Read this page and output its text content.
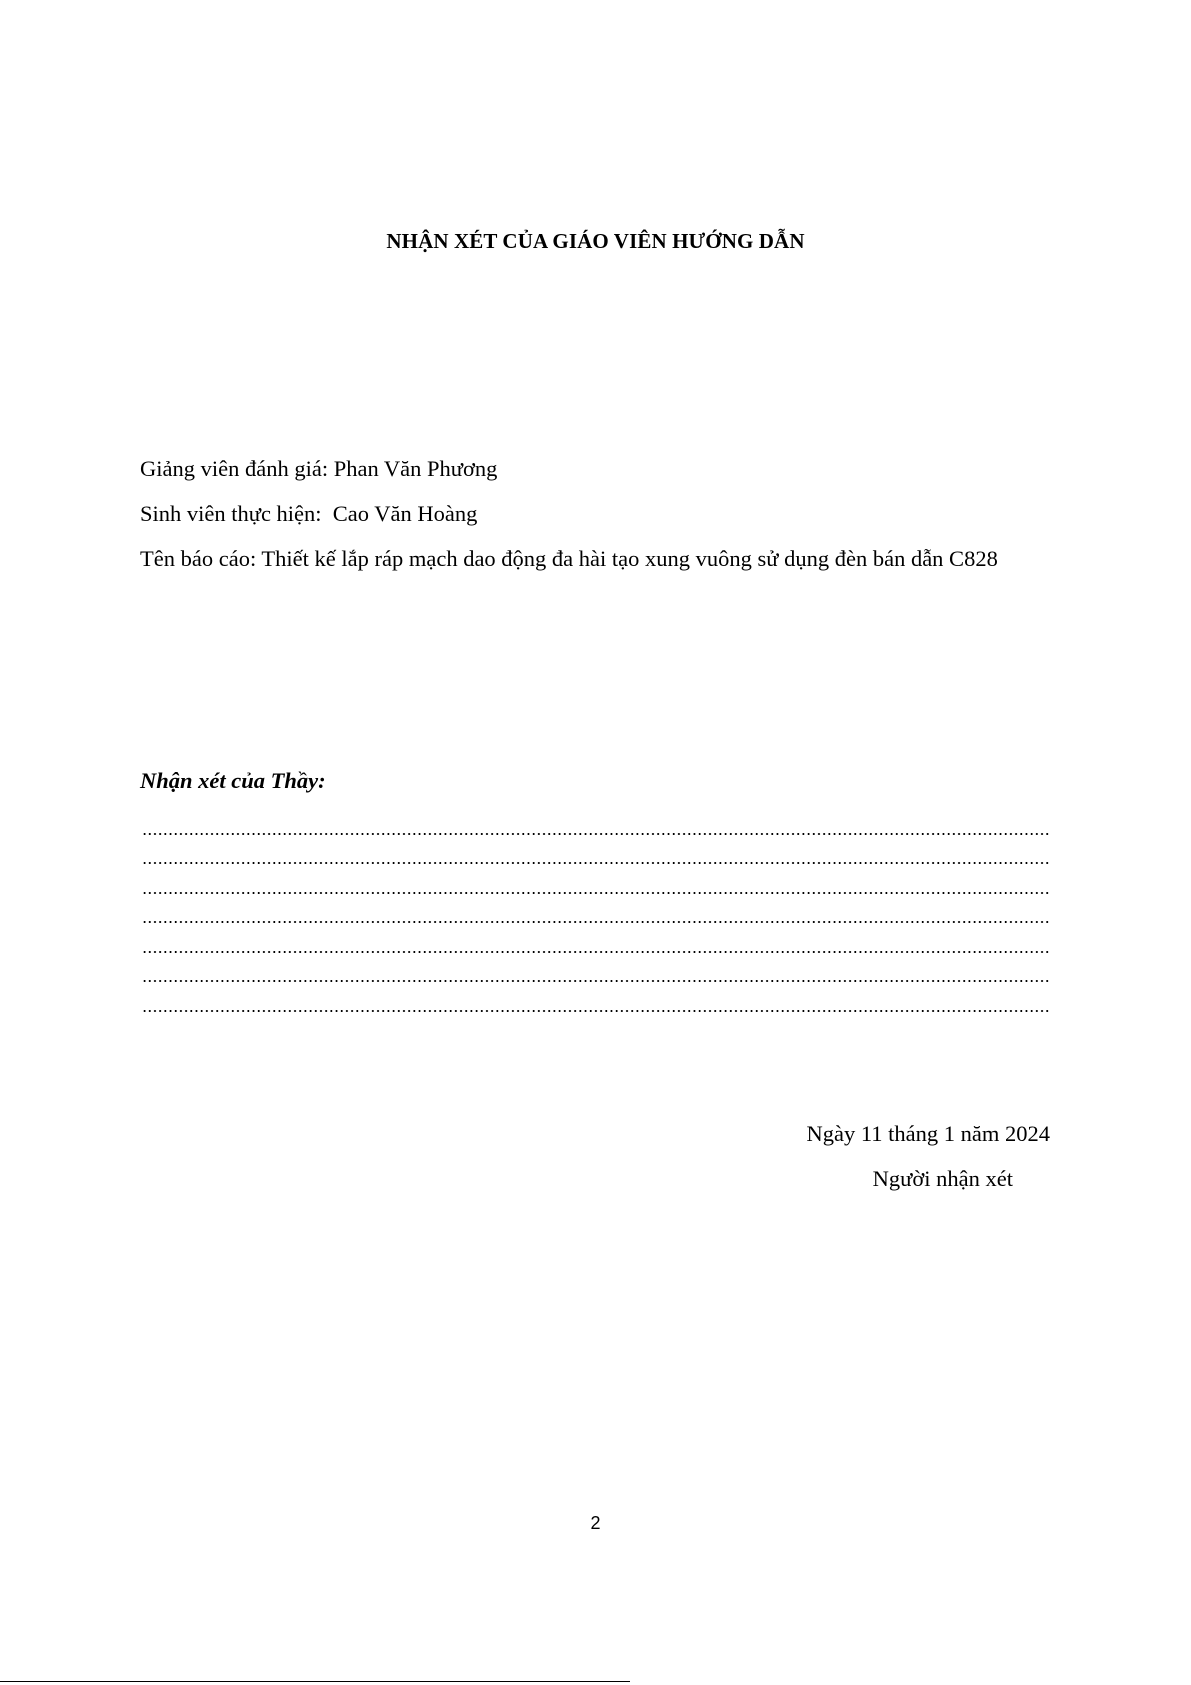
NHẬN XÉT CỦA GIÁO VIÊN HƯỚNG DẪN
Giảng viên đánh giá: Phan Văn Phương
Sinh viên thực hiện:  Cao Văn Hoàng
Tên báo cáo: Thiết kế lắp ráp mạch dao động đa hài tạo xung vuông sử dụng đèn bán dẫn C828
Nhận xét của Thầy:
Ngày 11 tháng 1 năm 2024
Người nhận xét
2
